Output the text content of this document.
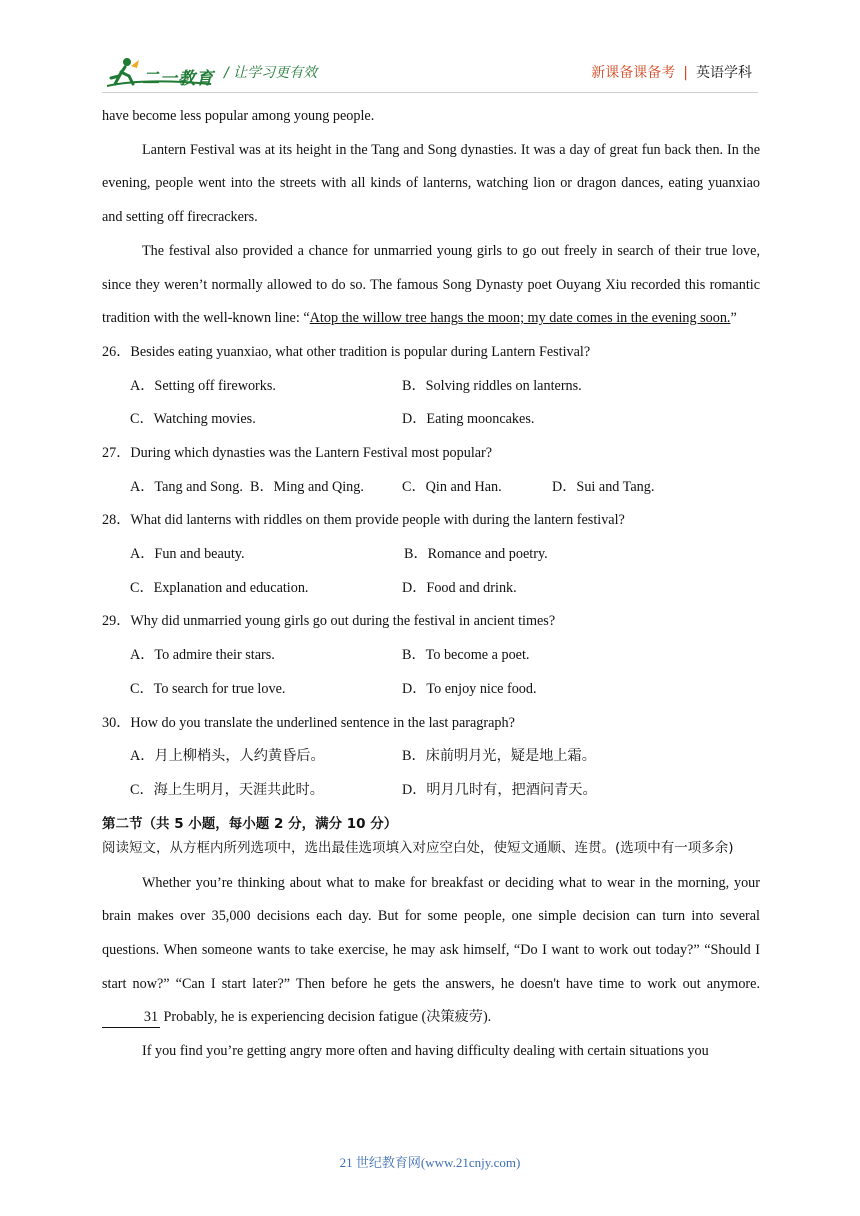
二一教育 / 让学习更有效	新课备课备考 | 英语学科

have become less popular among young people.

Lantern Festival was at its height in the Tang and Song dynasties. It was a day of great fun back then. In the evening, people went into the streets with all kinds of lanterns, watching lion or dragon dances, eating yuanxiao and setting off firecrackers.

The festival also provided a chance for unmarried young girls to go out freely in search of their true love, since they weren’t normally allowed to do so. The famous Song Dynasty poet Ouyang Xiu recorded this romantic tradition with the well-known line: “Atop the willow tree hangs the moon; my date comes in the evening soon.”

26．Besides eating yuanxiao, what other tradition is popular during Lantern Festival?

A．Setting off fireworks.	B．Solving riddles on lanterns.
C．Watching movies.	D．Eating mooncakes.

27．During which dynasties was the Lantern Festival most popular?

A．Tang and Song. B．Ming and Qing.	C．Qin and Han.	D．Sui and Tang.

28．What did lanterns with riddles on them provide people with during the lantern festival?

A．Fun and beauty.	B．Romance and poetry.
C．Explanation and education.	D．Food and drink.

29．Why did unmarried young girls go out during the festival in ancient times?

A．To admire their stars.	B．To become a poet.
C．To search for true love.	D．To enjoy nice food.

30．How do you translate the underlined sentence in the last paragraph?

A．月上柳梢头，人约黄昏后。	B．床前明月光，疑是地上霜。
C．海上生明月，天涯共此时。	D．明月几时有，把酒问青天。
第二节（共 5 小题，每小题 2 分，满分 10 分）

阅读短文，从方框内所列选项中，选出最佳选项填入对应空白处，使短文通顺、连贯。(选项中有一项多余)

Whether you’re thinking about what to make for breakfast or deciding what to wear in the morning, your brain makes over 35,000 decisions each day. But for some people, one simple decision can turn into several questions. When someone wants to take exercise, he may ask himself, “Do I want to work out today?” “Should I start now?” “Can I start later?” Then before he gets the answers, he doesn't have time to work out anymore. 31 Probably, he is experiencing decision fatigue (决策疲劳).

If you find you’re getting angry more often and having difficulty dealing with certain situations you

21 世纪教育网(www.21cnjy.com)
